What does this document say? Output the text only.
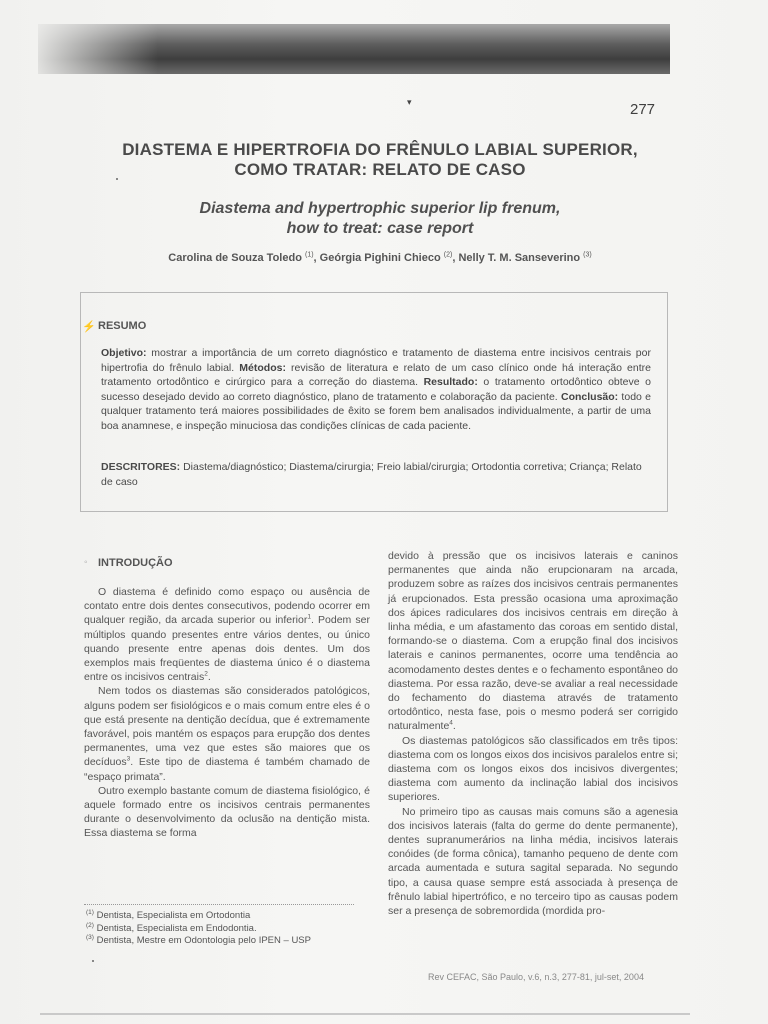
▾	277
DIASTEMA E HIPERTROFIA DO FRÊNULO LABIAL SUPERIOR,
COMO TRATAR: RELATO DE CASO
Diastema and hypertrophic superior lip frenum,
how to treat: case report
Carolina de Souza Toledo $^{(1)}$, Geórgia Pighini Chieco $^{(2)}$, Nelly T. M. Sanseverino $^{(3)}$
⚡ RESUMO
Objetivo: mostrar a importância de um correto diagnóstico e tratamento de diastema entre incisivos centrais por hipertrofia do frênulo labial. Métodos: revisão de literatura e relato de um caso clínico onde há interação entre tratamento ortodôntico e cirúrgico para a correção do diastema. Resultado: o tratamento ortodôntico obteve o sucesso desejado devido ao correto diagnóstico, plano de tratamento e colaboração da paciente. Conclusão: todo e qualquer tratamento terá maiores possibilidades de êxito se forem bem analisados individualmente, a partir de uma boa anamnese, e inspeção minuciosa das condições clínicas de cada paciente.
DESCRITORES: Diastema/diagnóstico; Diastema/cirurgia; Freio labial/cirurgia; Ortodontia corretiva; Criança; Relato de caso
◦ INTRODUÇÃO

O diastema é definido como espaço ou ausência de contato entre dois dentes consecutivos, podendo ocorrer em qualquer região, da arcada superior ou inferior$^1$. Podem ser múltiplos quando presentes entre vários dentes, ou único quando presente entre apenas dois dentes. Um dos exemplos mais freqüentes de diastema único é o diastema entre os incisivos centrais$^2$.

Nem todos os diastemas são considerados patológicos, alguns podem ser fisiológicos e o mais comum entre eles é o que está presente na dentição decídua, que é extremamente favorável, pois mantém os espaços para erupção dos dentes permanentes, uma vez que estes são maiores que os decíduos$^3$. Este tipo de diastema é também chamado de “espaço primata”.

Outro exemplo bastante comum de diastema fisiológico, é aquele formado entre os incisivos centrais permanentes durante o desenvolvimento da oclusão na dentição mista. Essa diastema se forma

devido à pressão que os incisivos laterais e caninos permanentes que ainda não erupcionaram na arcada, produzem sobre as raízes dos incisivos centrais permanentes já erupcionados. Esta pressão ocasiona uma aproximação dos ápices radiculares dos incisivos centrais em direção à linha média, e um afastamento das coroas em sentido distal, formando-se o diastema. Com a erupção final dos incisivos laterais e caninos permanentes, ocorre uma tendência ao acomodamento destes dentes e o fechamento espontâneo do diastema. Por essa razão, deve-se avaliar a real necessidade do fechamento do diastema através de tratamento ortodôntico, nesta fase, pois o mesmo poderá ser corrigido naturalmente$^4$.

Os diastemas patológicos são classificados em três tipos: diastema com os longos eixos dos incisivos paralelos entre si; diastema com os longos eixos dos incisivos divergentes; diastema com aumento da inclinação labial dos incisivos superiores.

No primeiro tipo as causas mais comuns são a agenesia dos incisivos laterais (falta do germe do dente permanente), dentes supranumerários na linha média, incisivos laterais conóides (de forma cônica), tamanho pequeno de dente com arcada aumentada e sutura sagital separada. No segundo tipo, a causa quase sempre está associada à presença de frênulo labial hipertrófico, e no terceiro tipo as causas podem ser a presença de sobremordida (mordida pro-

$^{(1)}$ Dentista, Especialista em Ortodontia
$^{(2)}$ Dentista, Especialista em Endodontia.
$^{(3)}$ Dentista, Mestre em Odontologia pelo IPEN – USP
Rev CEFAC, São Paulo, v.6, n.3, 277-81, jul-set, 2004
